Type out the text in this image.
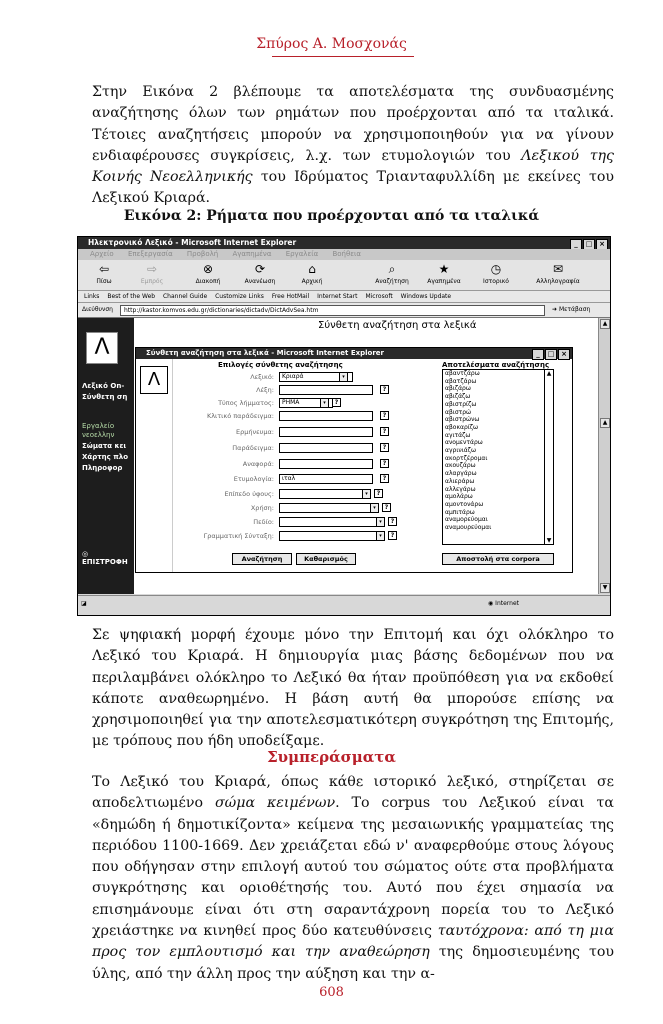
Σπύρος Α. Μοσχονάς
Στην Εικόνα 2 βλέπουμε τα αποτελέσματα της συνδυασμένης αναζήτησης όλων των ρημάτων που προέρχονται από τα ιταλικά. Τέτοιες αναζητήσεις μπορούν να χρησιμοποιηθούν για να γίνουν ενδιαφέρουσες συγκρίσεις, λ.χ. των ετυμολογιών του Λεξικού της Κοινής Νεοελληνικής του Ιδρύματος Τριανταφυλλίδη με εκείνες του Λεξικού Κριαρά.
Εικόνα 2: Ρήματα που προέρχονται από τα ιταλικά
Ηλεκτρονικό Λεξικό - Microsoft Internet Explorer	_ □ ×
Αρχείο Επεξεργασία Προβολή Αγαπημένα Εργαλεία Βοήθεια
⇦
Πίσω
⇨
Εμπρός
⊗
Διακοπή
⟳
Ανανέωση
⌂
Αρχική
⌕
Αναζήτηση
★
Αγαπημένα
◷
Ιστορικό
✉
Αλληλογραφία
Links Best of the Web Channel Guide Customize Links Free HotMail Internet Start Microsoft Windows Update
Διεύθυνση	http://kastor.komvos.edu.gr/dictionaries/dictadv/DictAdvSea.htm	➜ Μετάβαση
Λ
Λεξικό On-
Σύνθετη ση
Εργαλείο
νεοελλην
Σώματα κει
Χάρτης πλο
Πληροφορ
◎
ΕΠΙΣΤΡΟΦΗ
Σύνθετη αναζήτηση στα λεξικά	▲
▲
▼
◪	◉ Internet
Σύνθετη αναζήτηση στα λεξικά - Microsoft Internet Explorer	_ □ ×
Λ
Επιλογές σύνθετης αναζήτησης
Λεξικό:	Κριαρά	▾
Λέξη:	?
Τύπος λήμματος:	ΡΗΜΑ	▾	?
Κλιτικό παράδειγμα:	?
Ερμήνευμα:	?
Παράδειγμα:	?
Αναφορά:	?
Ετυμολογία:	ιταλ	?
Επίπεδο ύφους:	▾	?
Χρήση:	▾	?
Πεδίο:	▾	?
Γραμματική Σύνταξη:	▾	?
Αναζήτηση	Καθαρισμός
Αποτελέσματα αναζήτησης
αβαντζάρω
αβατζάρω
αβιζάρω
αβιζάζω
αβιστρίζω
αβιστρώ
αβιστρώνω
αβοκαρίζω
αγιτάζω
ανομεντάρω
αγρινιάζω
ακορτζέρομαι
ακουζάρω
αλαργάρω
αλιεράρω
αλλεγάρω
αμολάρω
αμοντονάρω
αμπιτάρω
αναμορεύομαι
αναμουρεύομαι
▲
▼
Αποστολή στα corpora
Σε ψηφιακή μορφή έχουμε μόνο την Επιτομή και όχι ολόκληρο το Λεξικό του Κριαρά. Η δημιουργία μιας βάσης δεδομένων που να περιλαμβάνει ολόκληρο το Λεξικό θα ήταν προϋπόθεση για να εκδοθεί κάποτε αναθεωρημένο. Η βάση αυτή θα μπορούσε επίσης να χρησιμοποιηθεί για την αποτελεσματικότερη συγκρότηση της Επιτομής, με τρόπους που ήδη υποδείξαμε.
Συμπεράσματα
Το Λεξικό του Κριαρά, όπως κάθε ιστορικό λεξικό, στηρίζεται σε αποδελτιωμένο σώμα κειμένων. Το corpus του Λεξικού είναι τα «δημώδη ή δημοτικίζοντα» κείμενα της μεσαιωνικής γραμματείας της περιόδου 1100-1669. Δεν χρειάζεται εδώ ν' αναφερθούμε στους λόγους που οδήγησαν στην επιλογή αυτού του σώματος ούτε στα προβλήματα συγκρότησης και οριοθέτησής του. Αυτό που έχει σημασία να επισημάνουμε είναι ότι στη σαραντάχρονη πορεία του το Λεξικό χρειάστηκε να κινηθεί προς δύο κατευθύνσεις ταυτόχρονα: από τη μια προς τον εμπλουτισμό και την αναθεώρηση της δημοσιευμένης του ύλης, από την άλλη προς την αύξηση και την α-
608
